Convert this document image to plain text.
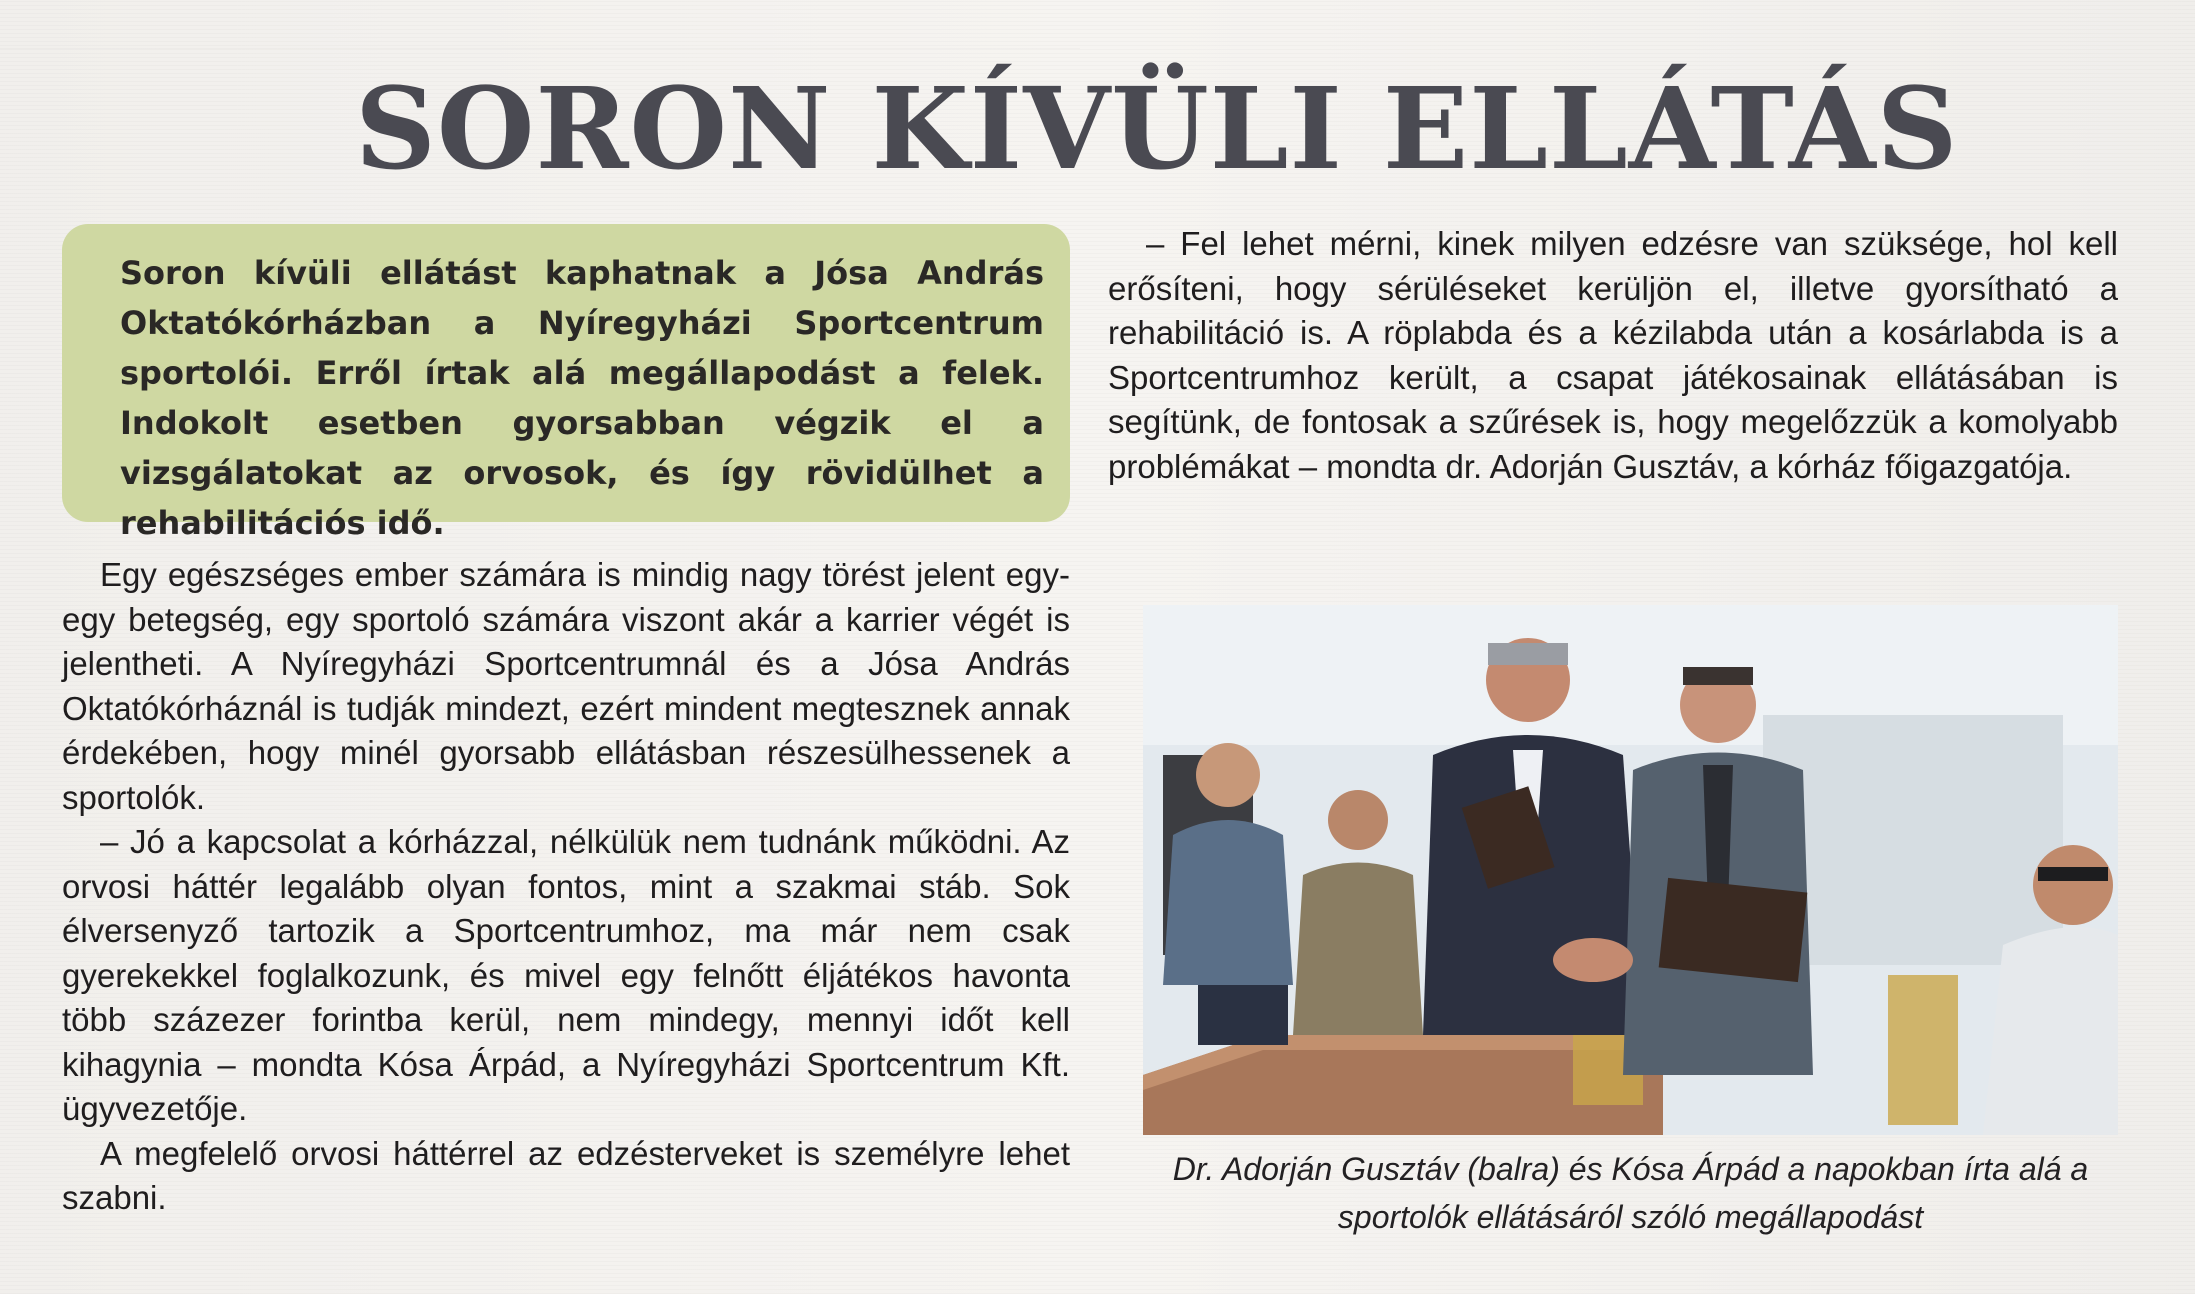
SORON KÍVÜLI ELLÁTÁS

Soron kívüli ellátást kaphatnak a Jósa András Oktatókórházban a Nyíregyházi Sportcentrum sportolói. Erről írtak alá megállapodást a felek. Indokolt esetben gyorsabban végzik el a vizsgálatokat az orvosok, és így rövidülhet a rehabilitációs idő.

Egy egészséges ember számára is mindig nagy törést jelent egy-egy betegség, egy sportoló számára viszont akár a karrier végét is jelentheti. A Nyíregyházi Sportcentrumnál és a Jósa András Oktatókórháznál is tudják mindezt, ezért mindent megtesznek annak érdekében, hogy minél gyorsabb ellátásban részesülhessenek a sportolók.

– Jó a kapcsolat a kórházzal, nélkülük nem tudnánk működni. Az orvosi háttér legalább olyan fontos, mint a szakmai stáb. Sok élversenyző tartozik a Sportcentrumhoz, ma már nem csak gyerekekkel foglalkozunk, és mivel egy felnőtt éljátékos havonta több százezer forintba kerül, nem mindegy, mennyi időt kell kihagynia – mondta Kósa Árpád, a Nyíregyházi Sportcentrum Kft. ügyvezetője.

A megfelelő orvosi háttérrel az edzésterveket is személyre lehet szabni.

– Fel lehet mérni, kinek milyen edzésre van szüksége, hol kell erősíteni, hogy sérüléseket kerüljön el, illetve gyorsítható a rehabilitáció is. A röplabda és a kézilabda után a kosárlabda is a Sportcentrumhoz került, a csapat játékosainak ellátásában is segítünk, de fontosak a szűrések is, hogy megelőzzük a komolyabb problémákat – mondta dr. Adorján Gusztáv, a kórház főigazgatója.

Dr. Adorján Gusztáv (balra) és Kósa Árpád a napokban írta alá a sportolók ellátásáról szóló megállapodást
